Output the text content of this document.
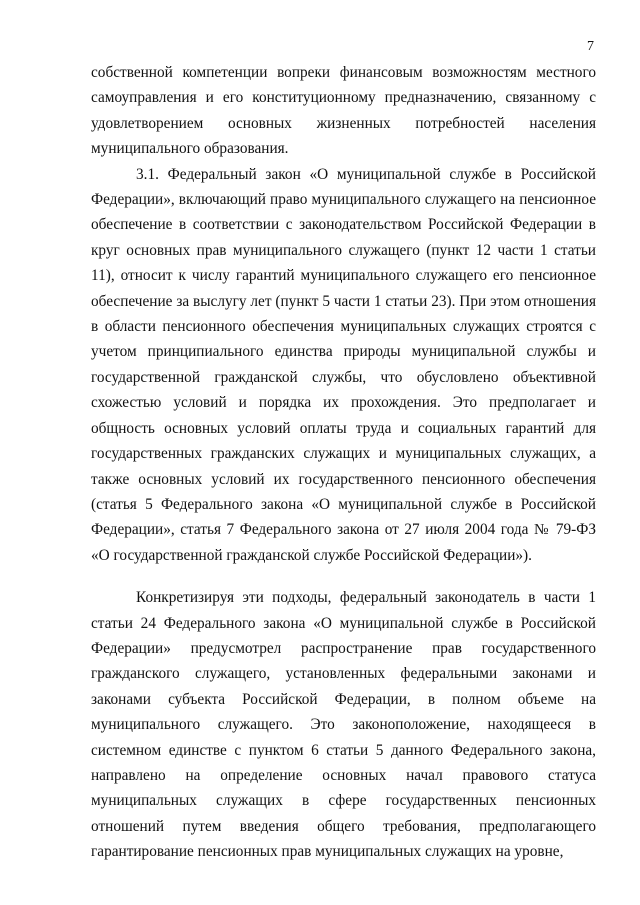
7

собственной компетенции вопреки финансовым возможностям местного самоуправления и его конституционному предназначению, связанному с удовлетворением основных жизненных потребностей населения муниципального образования.

3.1. Федеральный закон «О муниципальной службе в Российской Федерации», включающий право муниципального служащего на пенсионное обеспечение в соответствии с законодательством Российской Федерации в круг основных прав муниципального служащего (пункт 12 части 1 статьи 11), относит к числу гарантий муниципального служащего его пенсионное обеспечение за выслугу лет (пункт 5 части 1 статьи 23). При этом отношения в области пенсионного обеспечения муниципальных служащих строятся с учетом принципиального единства природы муниципальной службы и государственной гражданской службы, что обусловлено объективной схожестью условий и порядка их прохождения. Это предполагает и общность основных условий оплаты труда и социальных гарантий для государственных гражданских служащих и муниципальных служащих, а также основных условий их государственного пенсионного обеспечения (статья 5 Федерального закона «О муниципальной службе в Российской Федерации», статья 7 Федерального закона от 27 июля 2004 года № 79-ФЗ «О государственной гражданской службе Российской Федерации»).

Конкретизируя эти подходы, федеральный законодатель в части 1 статьи 24 Федерального закона «О муниципальной службе в Российской Федерации» предусмотрел распространение прав государственного гражданского служащего, установленных федеральными законами и законами субъекта Российской Федерации, в полном объеме на муниципального служащего. Это законоположение, находящееся в системном единстве с пунктом 6 статьи 5 данного Федерального закона, направлено на определение основных начал правового статуса муниципальных служащих в сфере государственных пенсионных отношений путем введения общего требования, предполагающего гарантирование пенсионных прав муниципальных служащих на уровне,
